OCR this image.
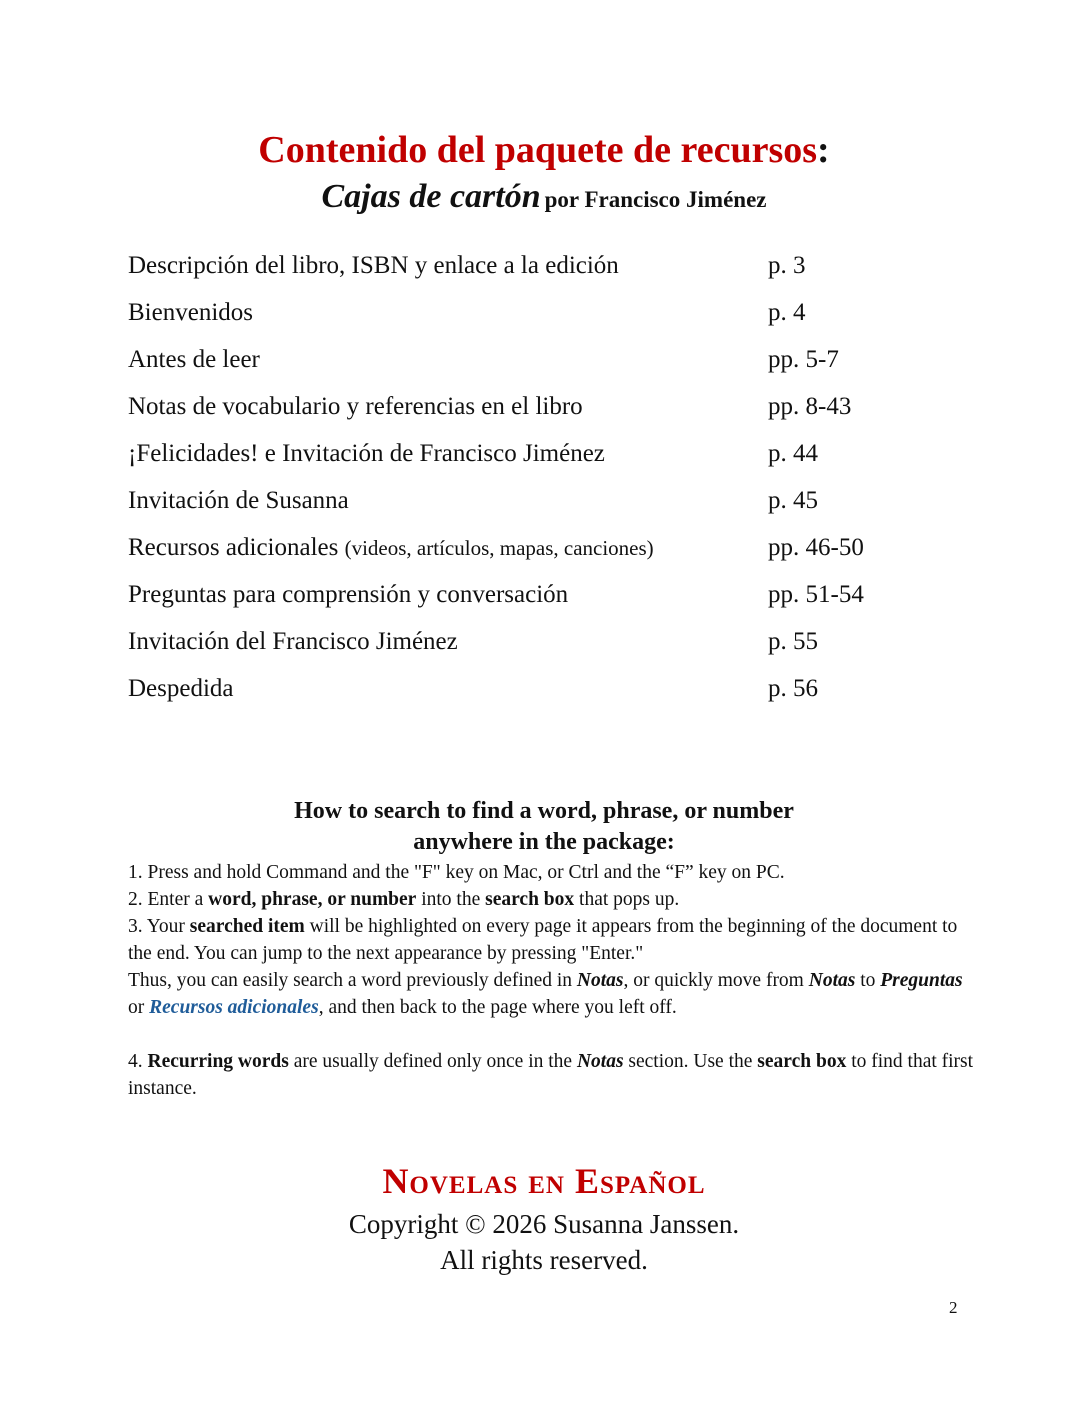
Contenido del paquete de recursos:
Cajas de cartón por Francisco Jiménez
Descripción del libro, ISBN y enlace a la edición	p. 3
Bienvenidos	p. 4
Antes de leer	pp. 5-7
Notas de vocabulario y referencias en el libro	pp. 8-43
¡Felicidades! e Invitación de Francisco Jiménez	p. 44
Invitación de Susanna	p. 45
Recursos adicionales (videos, artículos, mapas, canciones)	pp. 46-50
Preguntas para comprensión y conversación	pp. 51-54
Invitación del Francisco Jiménez	p. 55
Despedida	p. 56
How to search to find a word, phrase, or number
anywhere in the package:

1. Press and hold Command and the "F" key on Mac, or Ctrl and the “F” key on PC.

2. Enter a word, phrase, or number into the search box that pops up.

3. Your searched item will be highlighted on every page it appears from the beginning of the document to the end. You can jump to the next appearance by pressing "Enter."

Thus, you can easily search a word previously defined in Notas, or quickly move from Notas to Preguntas or Recursos adicionales, and then back to the page where you left off.

4. Recurring words are usually defined only once in the Notas section. Use the search box to find that first instance.

Novelas en Español
Copyright © 2026 Susanna Janssen.
All rights reserved.
2
